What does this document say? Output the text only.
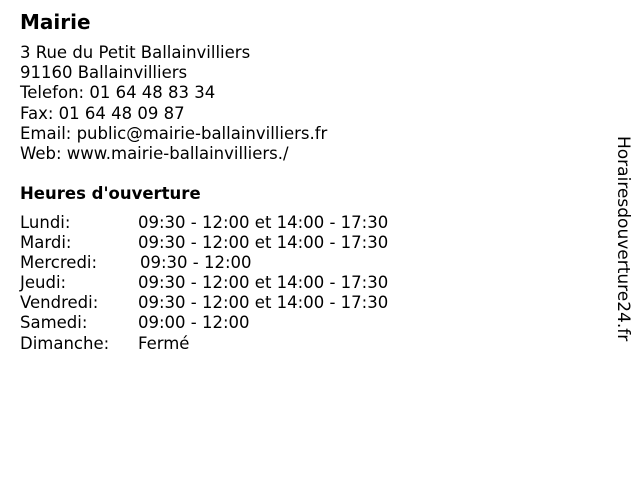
Mairie
3 Rue du Petit Ballainvilliers
91160 Ballainvilliers
Telefon: 01 64 48 83 34
Fax: 01 64 48 09 87
Email: public@mairie-ballainvilliers.fr
Web: www.mairie-ballainvilliers./
Heures d'ouverture
Lundi:	09:30 - 12:00 et 14:00 - 17:30
Mardi:	09:30 - 12:00 et 14:00 - 17:30
Mercredi:	09:30 - 12:00
Jeudi:	09:30 - 12:00 et 14:00 - 17:30
Vendredi: 09:30 - 12:00 et 14:00 - 17:30
Samedi:	09:00 - 12:00
Dimanche: Fermé
Horairesdouverture24.fr
